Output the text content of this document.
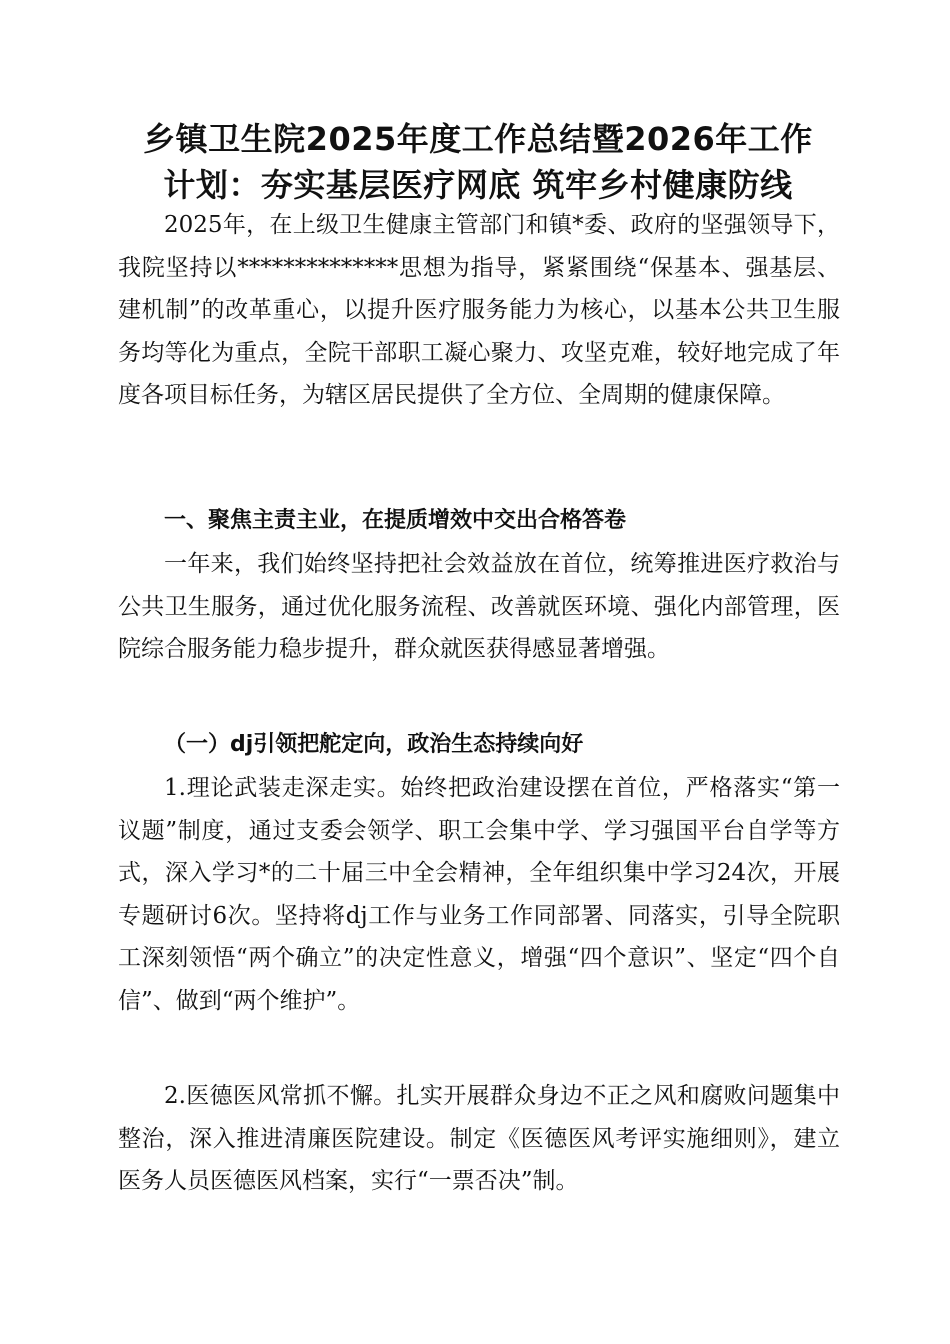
乡镇卫生院2025年度工作总结暨2026年工作
计划：夯实基层医疗网底 筑牢乡村健康防线

2025年，在上级卫生健康主管部门和镇*委、政府的坚强领导下，我院坚持以**************思想为指导，紧紧围绕“保基本、强基层、建机制”的改革重心，以提升医疗服务能力为核心，以基本公共卫生服务均等化为重点，全院干部职工凝心聚力、攻坚克难，较好地完成了年度各项目标任务，为辖区居民提供了全方位、全周期的健康保障。

一、聚焦主责主业，在提质增效中交出合格答卷

一年来，我们始终坚持把社会效益放在首位，统筹推进医疗救治与公共卫生服务，通过优化服务流程、改善就医环境、强化内部管理，医院综合服务能力稳步提升，群众就医获得感显著增强。

（一）dj引领把舵定向，政治生态持续向好

1.理论武装走深走实。始终把政治建设摆在首位，严格落实“第一议题”制度，通过支委会领学、职工会集中学、学习强国平台自学等方式，深入学习*的二十届三中全会精神，全年组织集中学习24次，开展专题研讨6次。坚持将dj工作与业务工作同部署、同落实，引导全院职工深刻领悟“两个确立”的决定性意义，增强“四个意识”、坚定“四个自信”、做到“两个维护”。

2.医德医风常抓不懈。扎实开展群众身边不正之风和腐败问题集中整治，深入推进清廉医院建设。制定《医德医风考评实施细则》，建立医务人员医德医风档案，实行“一票否决”制。
